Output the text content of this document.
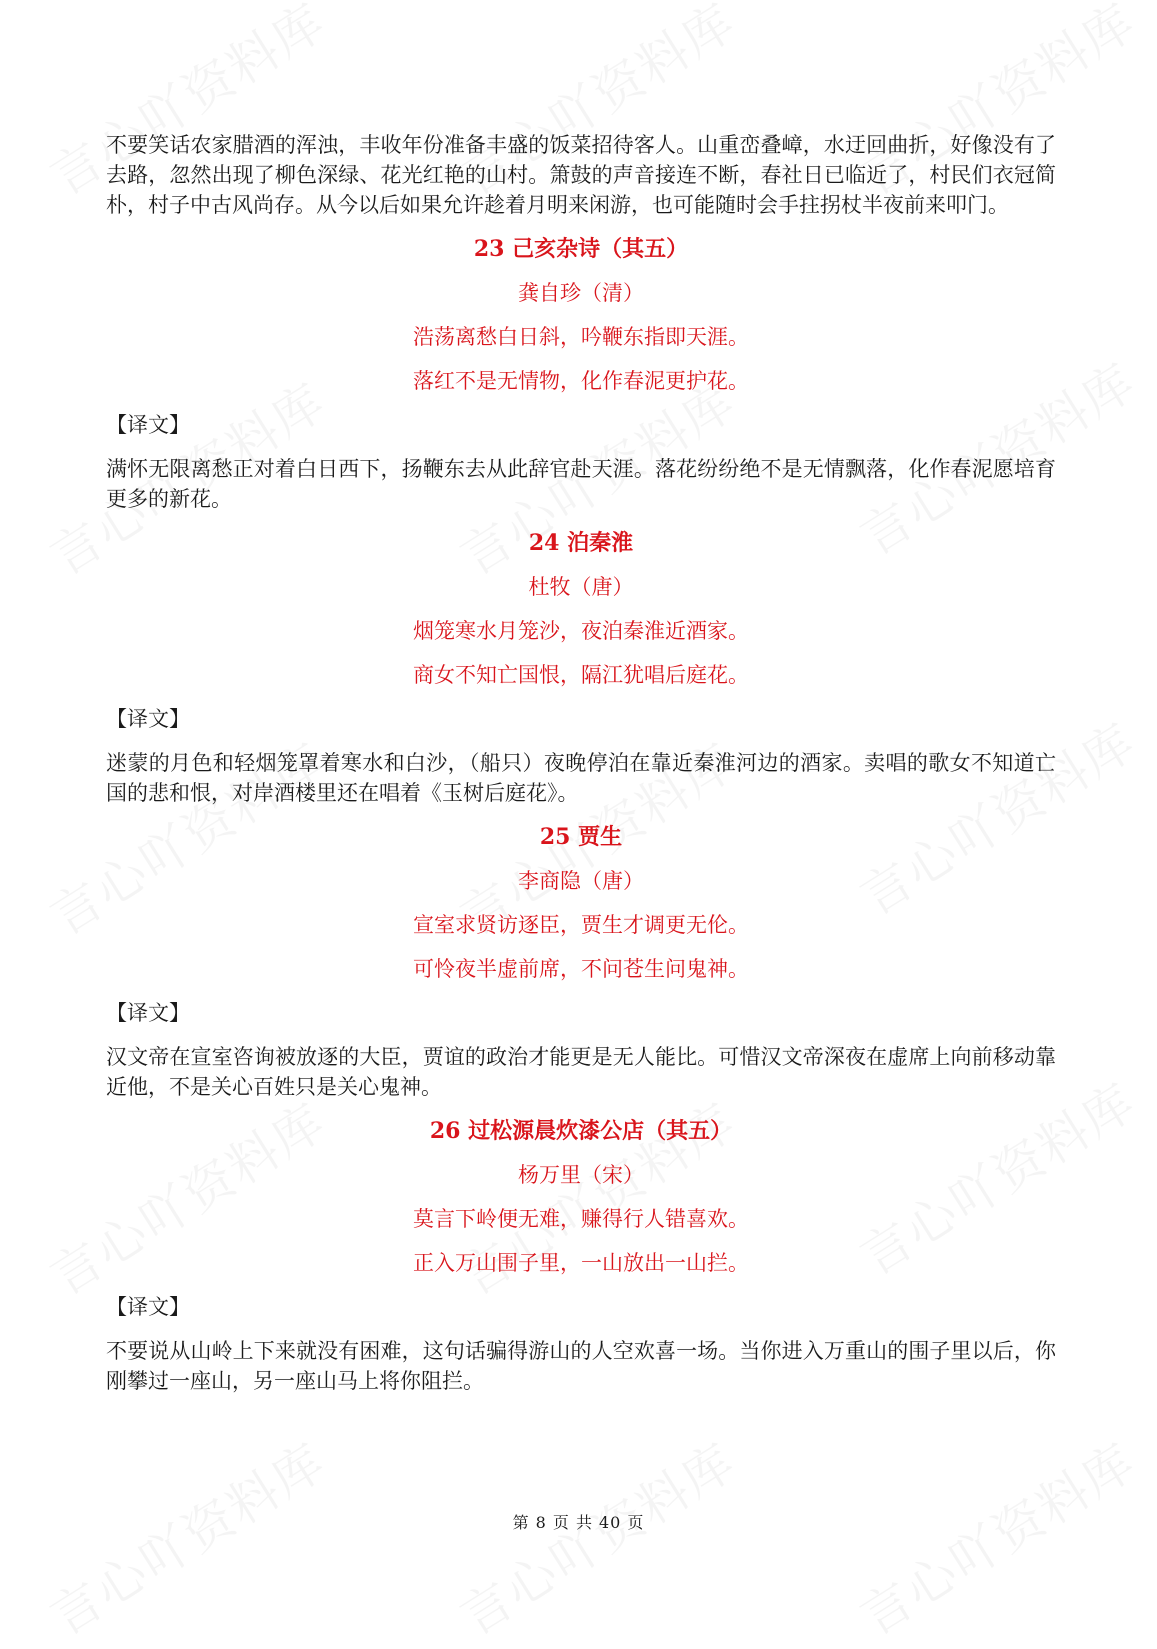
不要笑话农家腊酒的浑浊，丰收年份准备丰盛的饭菜招待客人。山重峦叠嶂，水迂回曲折，好像没有了去路，忽然出现了柳色深绿、花光红艳的山村。箫鼓的声音接连不断，春社日已临近了，村民们衣冠简朴，村子中古风尚存。从今以后如果允许趁着月明来闲游，也可能随时会手拄拐杖半夜前来叩门。

23 己亥杂诗（其五）
龚自珍（清）
浩荡离愁白日斜，吟鞭东指即天涯。
落红不是无情物，化作春泥更护花。

【译文】

满怀无限离愁正对着白日西下，扬鞭东去从此辞官赴天涯。落花纷纷绝不是无情飘落，化作春泥愿培育更多的新花。

24 泊秦淮
杜牧（唐）
烟笼寒水月笼沙，夜泊秦淮近酒家。
商女不知亡国恨，隔江犹唱后庭花。

【译文】

迷蒙的月色和轻烟笼罩着寒水和白沙，（船只）夜晚停泊在靠近秦淮河边的酒家。卖唱的歌女不知道亡国的悲和恨，对岸酒楼里还在唱着《玉树后庭花》。

25 贾生
李商隐（唐）
宣室求贤访逐臣，贾生才调更无伦。
可怜夜半虚前席，不问苍生问鬼神。

【译文】

汉文帝在宣室咨询被放逐的大臣，贾谊的政治才能更是无人能比。可惜汉文帝深夜在虚席上向前移动靠近他，不是关心百姓只是关心鬼神。

26 过松源晨炊漆公店（其五）
杨万里（宋）
莫言下岭便无难，赚得行人错喜欢。
正入万山围子里，一山放出一山拦。

【译文】

不要说从山岭上下来就没有困难，这句话骗得游山的人空欢喜一场。当你进入万重山的围子里以后，你刚攀过一座山，另一座山马上将你阻拦。

第 8 页 共 40 页
